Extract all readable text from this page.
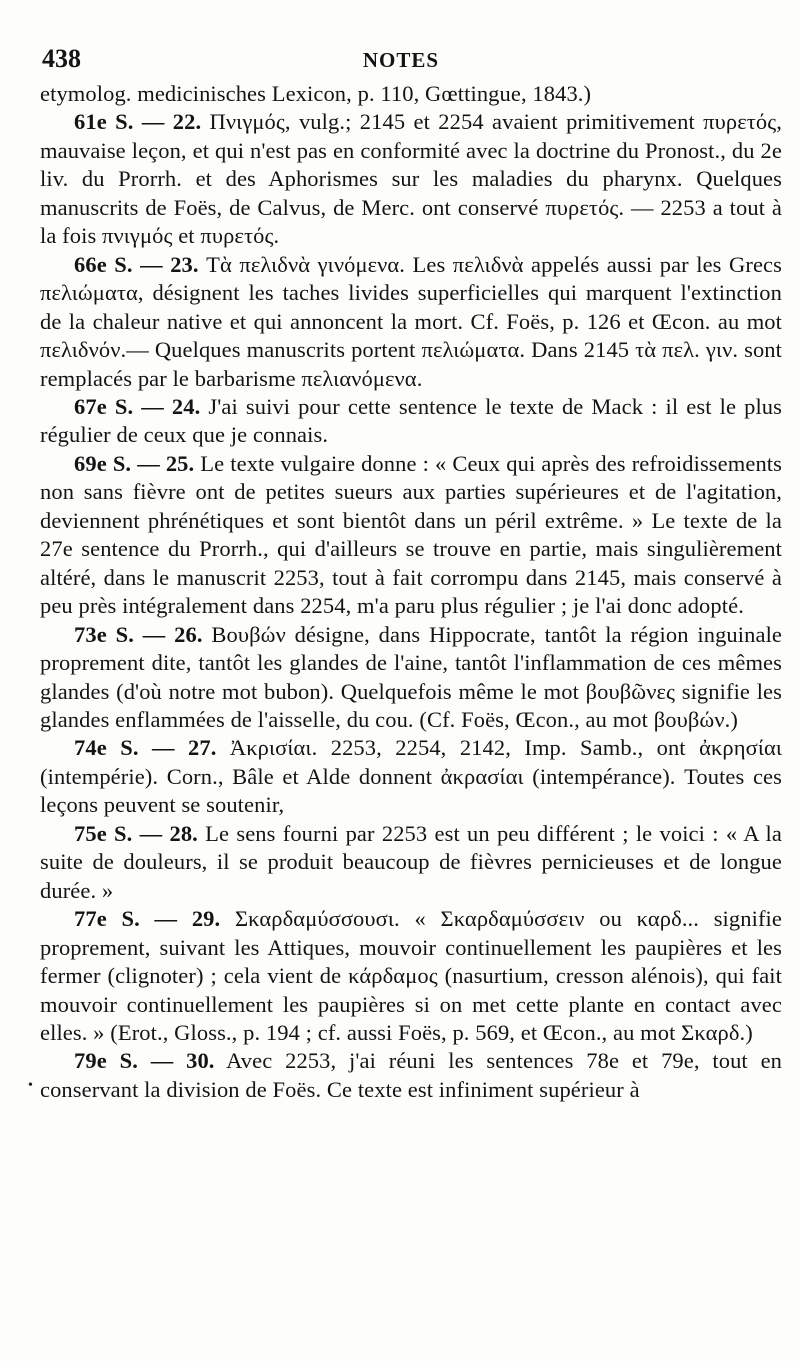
438	NOTES
•

etymolog. medicinisches Lexicon, p. 110, Gœttingue, 1843.)

61e S. — 22. Πνιγμός, vulg.; 2145 et 2254 avaient primitivement πυρετός, mauvaise leçon, et qui n'est pas en conformité avec la doctrine du Pronost., du 2e liv. du Prorrh. et des Aphorismes sur les maladies du pharynx. Quelques manuscrits de Foës, de Calvus, de Merc. ont conservé πυρετός. — 2253 a tout à la fois πνιγμός et πυρετός.

66e S. — 23. Τὰ πελιδνὰ γινόμενα. Les πελιδνὰ appelés aussi par les Grecs πελιώματα, désignent les taches livides superficielles qui marquent l'extinction de la chaleur native et qui annoncent la mort. Cf. Foës, p. 126 et Œcon. au mot πελιδνόν.— Quelques manuscrits portent πελιώματα. Dans 2145 τὰ πελ. γιν. sont remplacés par le barbarisme πελιανόμενα.

67e S. — 24. J'ai suivi pour cette sentence le texte de Mack : il est le plus régulier de ceux que je connais.

69e S. — 25. Le texte vulgaire donne : « Ceux qui après des refroidissements non sans fièvre ont de petites sueurs aux parties supérieures et de l'agitation, deviennent phrénétiques et sont bientôt dans un péril extrême. » Le texte de la 27e sentence du Prorrh., qui d'ailleurs se trouve en partie, mais singulièrement altéré, dans le manuscrit 2253, tout à fait corrompu dans 2145, mais conservé à peu près intégralement dans 2254, m'a paru plus régulier ; je l'ai donc adopté.

73e S. — 26. Βουβών désigne, dans Hippocrate, tantôt la région inguinale proprement dite, tantôt les glandes de l'aine, tantôt l'inflammation de ces mêmes glandes (d'où notre mot bubon). Quelquefois même le mot βουβῶνες signifie les glandes enflammées de l'aisselle, du cou. (Cf. Foës, Œcon., au mot βουβών.)

74e S. — 27. Ἀκρισίαι. 2253, 2254, 2142, Imp. Samb., ont ἀκρησίαι (intempérie). Corn., Bâle et Alde donnent ἀκρασίαι (intempérance). Toutes ces leçons peuvent se soutenir,

75e S. — 28. Le sens fourni par 2253 est un peu différent ; le voici : « A la suite de douleurs, il se produit beaucoup de fièvres pernicieuses et de longue durée. »

77e S. — 29. Σκαρδαμύσσουσι. « Σκαρδαμύσσειν ou καρδ... signifie proprement, suivant les Attiques, mouvoir continuellement les paupières et les fermer (clignoter) ; cela vient de κάρδαμος (nasurtium, cresson alénois), qui fait mouvoir continuellement les paupières si on met cette plante en contact avec elles. » (Erot., Gloss., p. 194 ; cf. aussi Foës, p. 569, et Œcon., au mot Σκαρδ.)

79e S. — 30. Avec 2253, j'ai réuni les sentences 78e et 79e, tout en conservant la division de Foës. Ce texte est infiniment supérieur à
